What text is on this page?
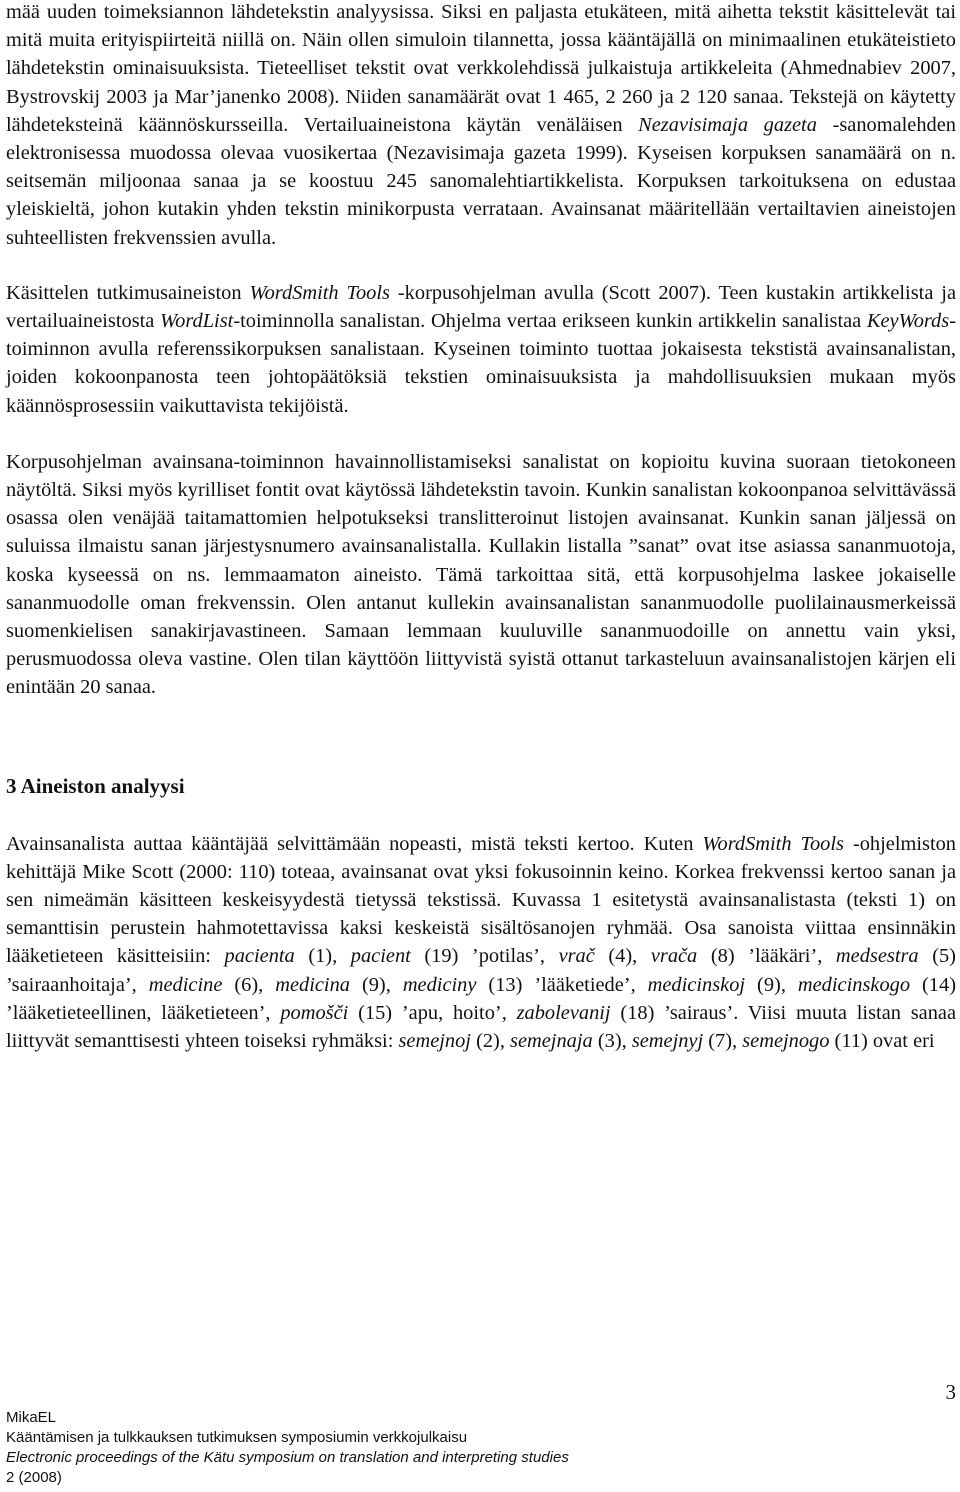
mää uuden toimeksiannon lähdetekstin analyysissa. Siksi en paljasta etukäteen, mitä aihetta tekstit käsittelevät tai mitä muita erityispiirteitä niillä on. Näin ollen simuloin tilannetta, jossa kääntäjällä on minimaalinen etukäteistieto lähdetekstin ominaisuuksista. Tieteelliset tekstit ovat verkkolehdissä julkaistuja artikkeleita (Ahmednabiev 2007, Bystrovskij 2003 ja Mar’janenko 2008). Niiden sanamäärät ovat 1 465, 2 260 ja 2 120 sanaa. Tekstejä on käytetty lähdeteksteinä käännöskursseilla. Vertailuaineistona käytän venäläisen Nezavisimaja gazeta -sanomalehden elektronisessa muodossa olevaa vuosikertaa (Nezavisimaja gazeta 1999). Kyseisen korpuksen sanamäärä on n. seitsemän miljoonaa sanaa ja se koostuu 245 sanomalehtiartikkelista. Korpuksen tarkoituksena on edustaa yleiskieltä, johon kutakin yhden tekstin minikorpusta verrataan. Avainsanat määritellään vertailtavien aineistojen suhteellisten frekvenssien avulla.

Käsittelen tutkimusaineiston WordSmith Tools -korpusohjelman avulla (Scott 2007). Teen kustakin artikkelista ja vertailuaineistosta WordList-toiminnolla sanalistan. Ohjelma vertaa erikseen kunkin artikkelin sanalistaa KeyWords-toiminnon avulla referenssikorpuksen sanalistaan. Kyseinen toiminto tuottaa jokaisesta tekstistä avainsanalistan, joiden kokoonpanosta teen johtopäätöksiä tekstien ominaisuuksista ja mahdollisuuksien mukaan myös käännösprosessiin vaikuttavista tekijöistä.

Korpusohjelman avainsana-toiminnon havainnollistamiseksi sanalistat on kopioitu kuvina suoraan tietokoneen näytöltä. Siksi myös kyrilliset fontit ovat käytössä lähdetekstin tavoin. Kunkin sanalistan kokoonpanoa selvittävässä osassa olen venäjää taitamattomien helpotukseksi translitteroinut listojen avainsanat. Kunkin sanan jäljessä on suluissa ilmaistu sanan järjestysnumero avainsanalistalla. Kullakin listalla ”sanat” ovat itse asiassa sananmuotoja, koska kyseessä on ns. lemmaamaton aineisto. Tämä tarkoittaa sitä, että korpusohjelma laskee jokaiselle sananmuodolle oman frekvenssin. Olen antanut kullekin avainsanalistan sananmuodolle puolilainausmerkeissä suomenkielisen sanakirjavastineen. Samaan lemmaan kuuluville sananmuodoille on annettu vain yksi, perusmuodossa oleva vastine. Olen tilan käyttöön liittyvistä syistä ottanut tarkasteluun avainsanalistojen kärjen eli enintään 20 sanaa.

3 Aineiston analyysi

Avainsanalista auttaa kääntäjää selvittämään nopeasti, mistä teksti kertoo. Kuten WordSmith Tools -ohjelmiston kehittäjä Mike Scott (2000: 110) toteaa, avainsanat ovat yksi fokusoinnin keino. Korkea frekvenssi kertoo sanan ja sen nimeämän käsitteen keskeisyydestä tietyssä tekstissä. Kuvassa 1 esitetystä avainsanalistasta (teksti 1) on semanttisin perustein hahmotettavissa kaksi keskeistä sisältösanojen ryhmää. Osa sanoista viittaa ensinnäkin lääketieteen käsitteisiin: pacienta (1), pacient (19) ’potilas’, vrač (4), vrača (8) ’lääkäri’, medsestra (5) ’sairaanhoitaja’, medicine (6), medicina (9), mediciny (13) ’lääketiede’, medicinskoj (9), medicinskogo (14) ’lääketieteellinen, lääketieteen’, pomošči (15) ’apu, hoito’, zabolevanij (18) ’sairaus’. Viisi muuta listan sanaa liittyvät semanttisesti yhteen toiseksi ryhmäksi: semejnoj (2), semejnaja (3), semejnyj (7), semejnogo (11) ovat eri

3
MikaEL
Kääntämisen ja tulkkauksen tutkimuksen symposiumin verkkojulkaisu
Electronic proceedings of the Kätu symposium on translation and interpreting studies
2 (2008)
